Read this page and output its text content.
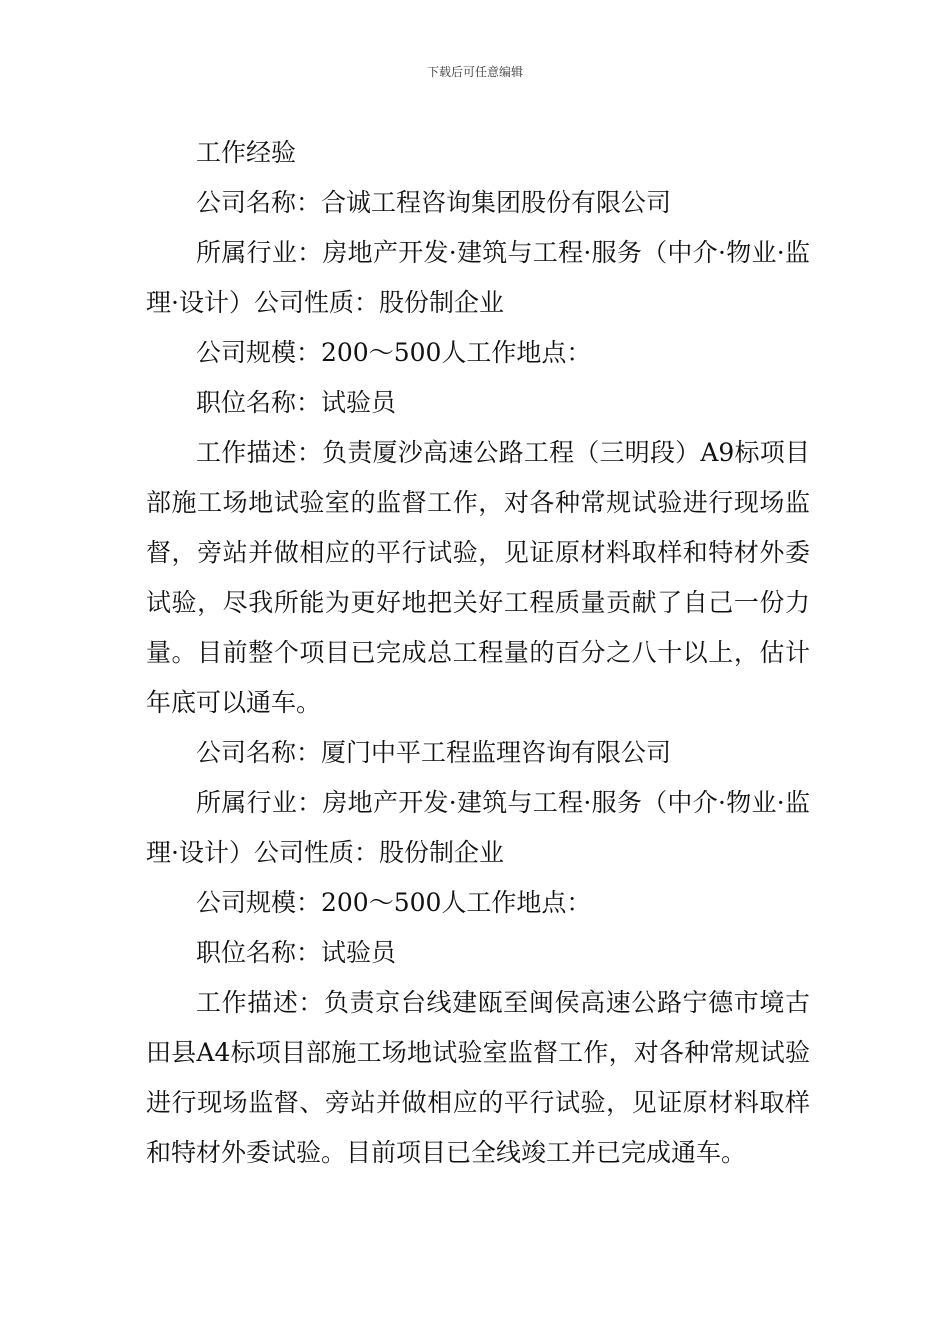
下载后可任意编辑

工作经验

公司名称：合诚工程咨询集团股份有限公司

所属行业：房地产开发·建筑与工程·服务（中介·物业·监理·设计）公司性质：股份制企业

公司规模：200～500人工作地点：

职位名称：试验员

工作描述：负责厦沙高速公路工程（三明段）A9标项目部施工场地试验室的监督工作，对各种常规试验进行现场监督，旁站并做相应的平行试验，见证原材料取样和特材外委试验，尽我所能为更好地把关好工程质量贡献了自己一份力量。目前整个项目已完成总工程量的百分之八十以上，估计年底可以通车。

公司名称：厦门中平工程监理咨询有限公司

所属行业：房地产开发·建筑与工程·服务（中介·物业·监理·设计）公司性质：股份制企业

公司规模：200～500人工作地点：

职位名称：试验员

工作描述：负责京台线建瓯至闽侯高速公路宁德市境古田县A4标项目部施工场地试验室监督工作，对各种常规试验进行现场监督、旁站并做相应的平行试验，见证原材料取样和特材外委试验。目前项目已全线竣工并已完成通车。
